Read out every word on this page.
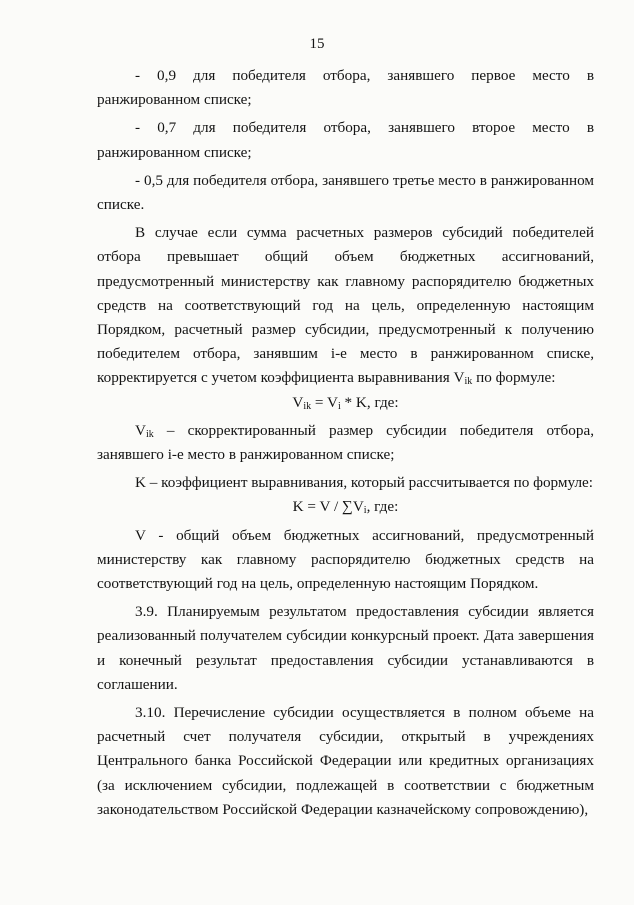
15

- 0,9 для победителя отбора, занявшего первое место в ранжированном списке;

- 0,7 для победителя отбора, занявшего второе место в ранжированном списке;

- 0,5 для победителя отбора, занявшего третье место в ранжированном списке.

В случае если сумма расчетных размеров субсидий победителей отбора превышает общий объем бюджетных ассигнований, предусмотренный министерству как главному распорядителю бюджетных средств на соответствующий год на цель, определенную настоящим Порядком, расчетный размер субсидии, предусмотренный к получению победителем отбора, занявшим i-е место в ранжированном списке, корректируется с учетом коэффициента выравнивания $V_{ik}$ по формуле:

$V_{ik} = V_i * K$, где:

$V_{ik}$ – скорректированный размер субсидии победителя отбора, занявшего i-е место в ранжированном списке;

K – коэффициент выравнивания, который рассчитывается по формуле:

$K = V / \sum V_i$, где:

V - общий объем бюджетных ассигнований, предусмотренный министерству как главному распорядителю бюджетных средств на соответствующий год на цель, определенную настоящим Порядком.

3.9. Планируемым результатом предоставления субсидии является реализованный получателем субсидии конкурсный проект. Дата завершения и конечный результат предоставления субсидии устанавливаются в соглашении.

3.10. Перечисление субсидии осуществляется в полном объеме на расчетный счет получателя субсидии, открытый в учреждениях Центрального банка Российской Федерации или кредитных организациях (за исключением субсидии, подлежащей в соответствии с бюджетным законодательством Российской Федерации казначейскому сопровождению),
